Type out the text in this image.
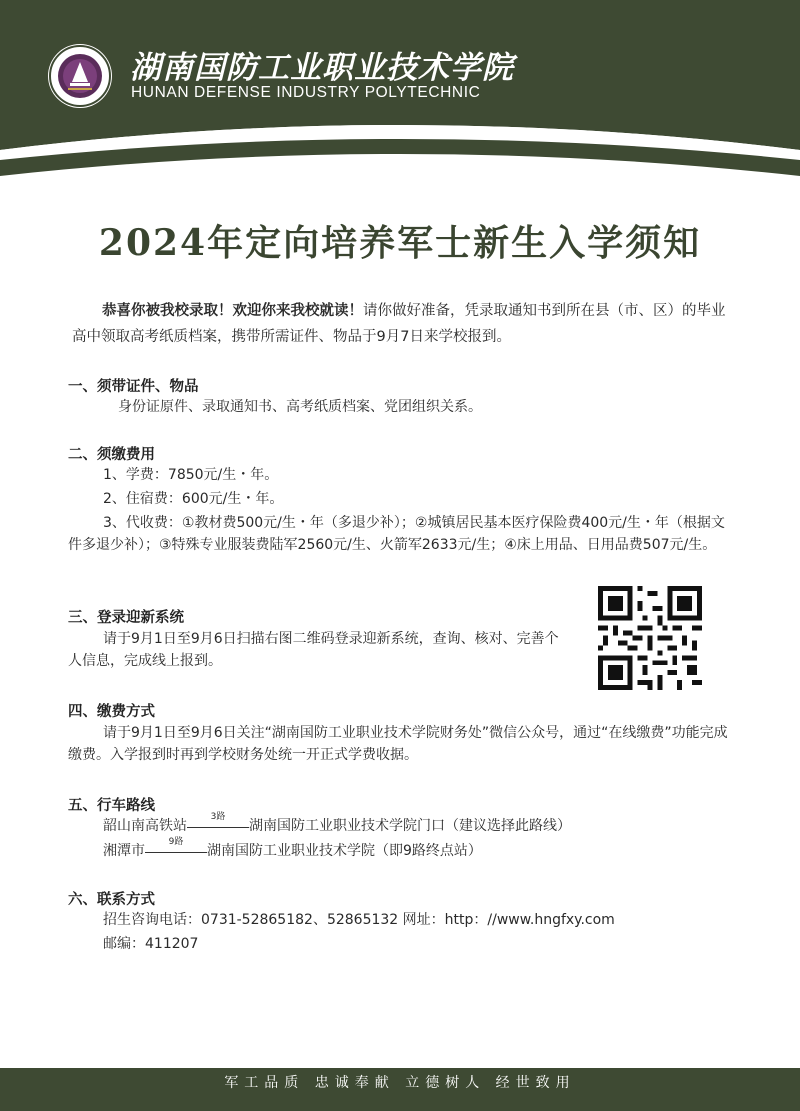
湖南国防工业职业技术学院
HUNAN DEFENSE INDUSTRY POLYTECHNIC
2024年定向培养军士新生入学须知

恭喜你被我校录取！欢迎你来我校就读！请你做好准备，凭录取通知书到所在县（市、区）的毕业高中领取高考纸质档案，携带所需证件、物品于9月7日来学校报到。

一、须带证件、物品
身份证原件、录取通知书、高考纸质档案、党团组织关系。
二、须缴费用
1、学费：7850元/生・年。
2、住宿费：600元/生・年。
3、代收费：①教材费500元/生・年（多退少补）；②城镇居民基本医疗保险费400元/生・年（根据文件多退少补）；③特殊专业服装费陆军2560元/生、火箭军2633元/生；④床上用品、日用品费507元/生。
三、登录迎新系统
请于9月1日至9月6日扫描右图二维码登录迎新系统，查询、核对、完善个人信息，完成线上报到。
四、缴费方式
请于9月1日至9月6日关注“湖南国防工业职业技术学院财务处”微信公众号，通过“在线缴费”功能完成缴费。入学报到时再到学校财务处统一开正式学费收据。
五、行车路线
韶山南高铁站
3路
湖南国防工业职业技术学院门口（建议选择此路线）
湘潭市
9路
湖南国防工业职业技术学院（即9路终点站）
六、联系方式
招生咨询电话：0731-52865182、52865132 网址：http：//www.hngfxy.com
邮编：411207
军工品质 忠诚奉献 立德树人 经世致用
